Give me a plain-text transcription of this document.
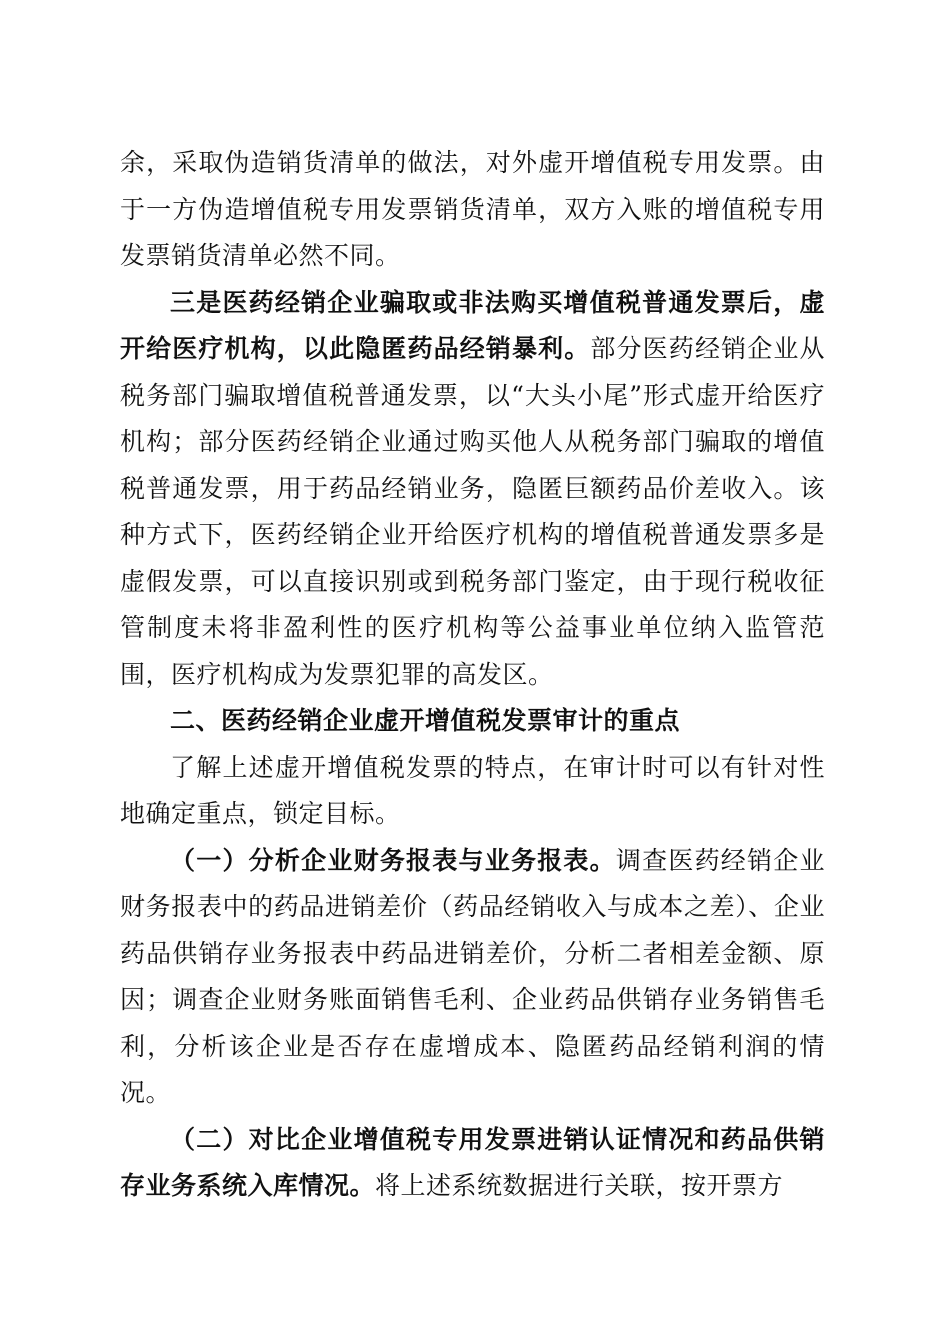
余，采取伪造销货清单的做法，对外虚开增值税专用发票。由于一方伪造增值税专用发票销货清单，双方入账的增值税专用发票销货清单必然不同。

三是医药经销企业骗取或非法购买增值税普通发票后，虚开给医疗机构，以此隐匿药品经销暴利。部分医药经销企业从税务部门骗取增值税普通发票，以“大头小尾”形式虚开给医疗机构；部分医药经销企业通过购买他人从税务部门骗取的增值税普通发票，用于药品经销业务，隐匿巨额药品价差收入。该种方式下，医药经销企业开给医疗机构的增值税普通发票多是虚假发票，可以直接识别或到税务部门鉴定，由于现行税收征管制度未将非盈利性的医疗机构等公益事业单位纳入监管范围，医疗机构成为发票犯罪的高发区。

二、医药经销企业虚开增值税发票审计的重点

了解上述虚开增值税发票的特点，在审计时可以有针对性地确定重点，锁定目标。

（一）分析企业财务报表与业务报表。调查医药经销企业财务报表中的药品进销差价（药品经销收入与成本之差）、企业药品供销存业务报表中药品进销差价，分析二者相差金额、原因；调查企业财务账面销售毛利、企业药品供销存业务销售毛利，分析该企业是否存在虚增成本、隐匿药品经销利润的情况。

（二）对比企业增值税专用发票进销认证情况和药品供销存业务系统入库情况。将上述系统数据进行关联，按开票方
